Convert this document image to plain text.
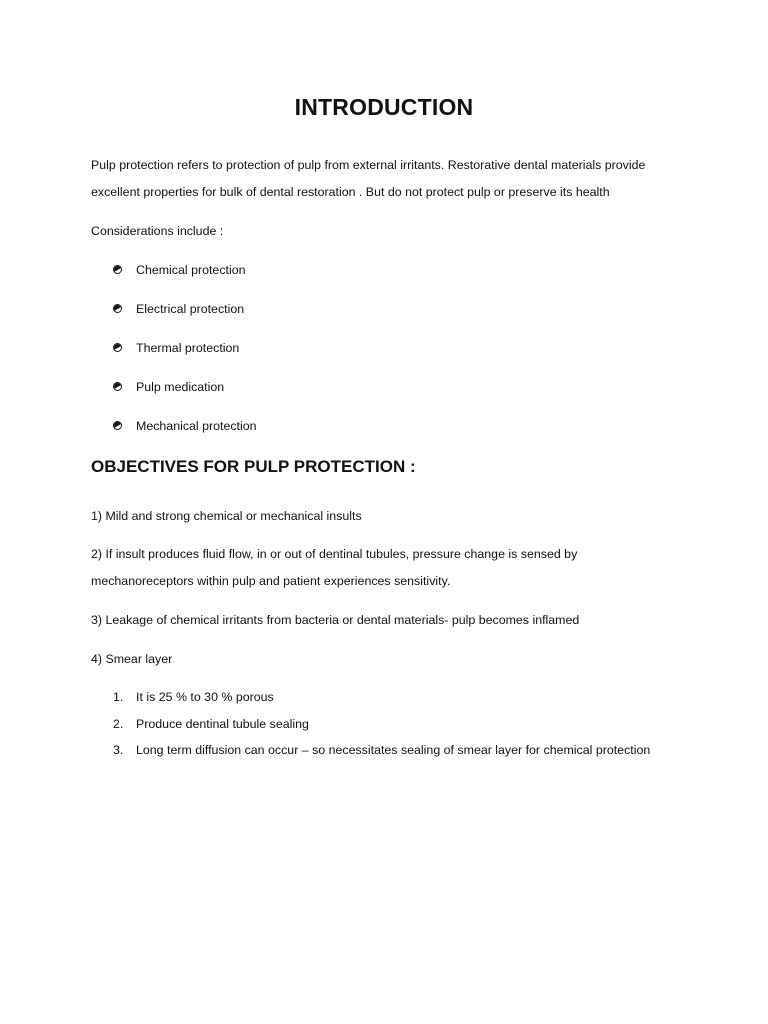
INTRODUCTION
Pulp protection refers to protection of pulp from external irritants. Restorative dental materials provide
excellent properties for bulk of dental restoration . But do not protect pulp or preserve its health
Considerations include :
Chemical protection
Electrical protection
Thermal protection
Pulp medication
Mechanical protection
OBJECTIVES FOR PULP PROTECTION :
1) Mild and strong chemical or mechanical insults
2) If insult produces fluid flow, in or out of dentinal tubules, pressure change is sensed by
mechanoreceptors within pulp and patient experiences sensitivity.
3) Leakage of chemical irritants from bacteria or dental materials- pulp becomes inflamed
4) Smear layer
1. It is 25 % to 30 % porous
2. Produce dentinal tubule sealing
3. Long term diffusion can occur – so necessitates sealing of smear layer for chemical protection
